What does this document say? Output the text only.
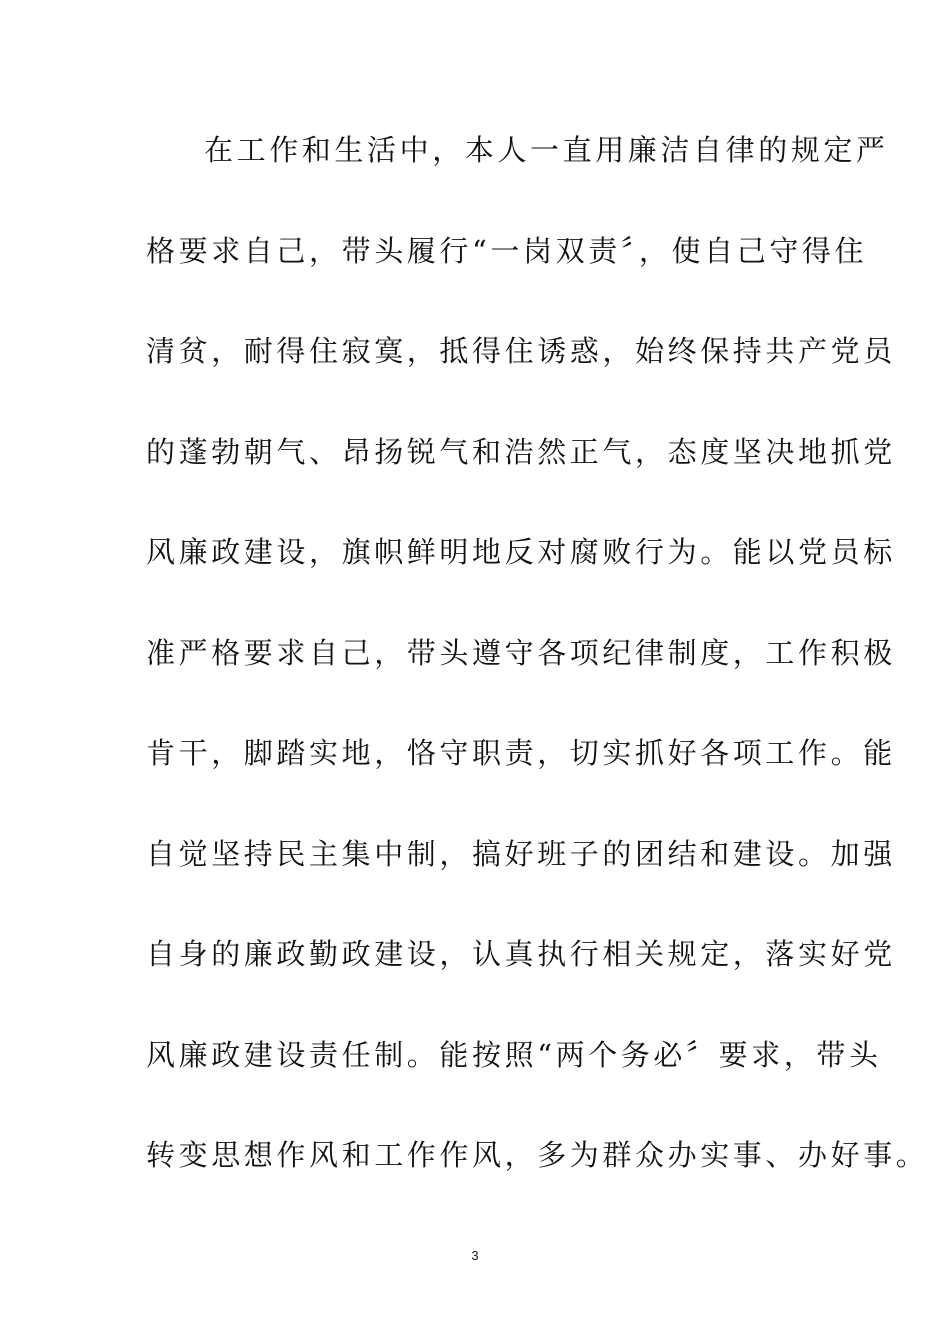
在工作和生活中，本人一直用廉洁自律的规定严
格要求自己，带头履行“一岗双责〞，使自己守得住
清贫，耐得住寂寞，抵得住诱惑，始终保持共产党员
的蓬勃朝气、昂扬锐气和浩然正气，态度坚决地抓党
风廉政建设，旗帜鲜明地反对腐败行为。能以党员标
准严格要求自己，带头遵守各项纪律制度，工作积极
肯干，脚踏实地，恪守职责，切实抓好各项工作。能
自觉坚持民主集中制，搞好班子的团结和建设。加强
自身的廉政勤政建设，认真执行相关规定，落实好党
风廉政建设责任制。能按照“两个务必〞要求，带头
转变思想作风和工作作风，多为群众办实事、办好事。
3
